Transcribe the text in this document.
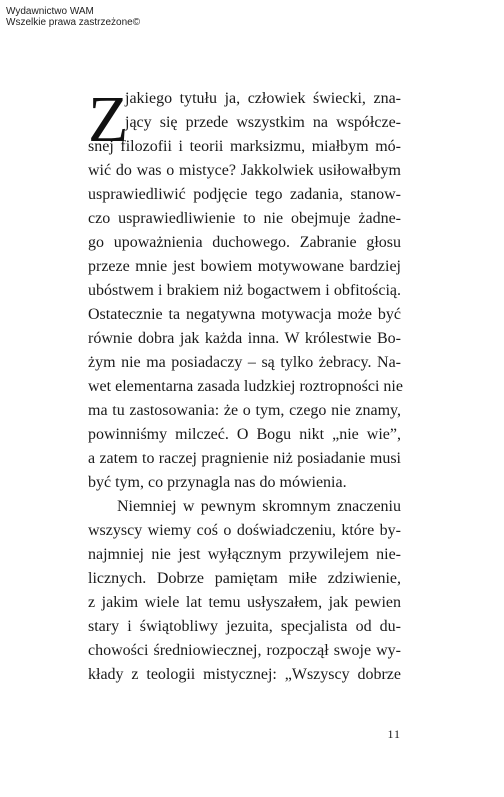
Wydawnictwo WAM
Wszelkie prawa zastrzeżone©
Z
jakiego tytułu ja, człowiek świecki, zna-
jący się przede wszystkim na współcze-
snej filozofii i teorii marksizmu, miałbym mó-
wić do was o mistyce? Jakkolwiek usiłowałbym
usprawiedliwić podjęcie tego zadania, stanow-
czo usprawiedliwienie to nie obejmuje żadne-
go upoważnienia duchowego. Zabranie głosu
przeze mnie jest bowiem motywowane bardziej
ubóstwem i brakiem niż bogactwem i obfitością.
Ostatecznie ta negatywna motywacja może być
równie dobra jak każda inna. W królestwie Bo-
żym nie ma posiadaczy – są tylko żebracy. Na-
wet elementarna zasada ludzkiej roztropności nie
ma tu zastosowania: że o tym, czego nie znamy,
powinniśmy milczeć. O Bogu nikt „nie wie”,
a zatem to raczej pragnienie niż posiadanie musi
być tym, co przynagla nas do mówienia.
Niemniej w pewnym skromnym znaczeniu
wszyscy wiemy coś o doświadczeniu, które by-
najmniej nie jest wyłącznym przywilejem nie-
licznych. Dobrze pamiętam miłe zdziwienie,
z jakim wiele lat temu usłyszałem, jak pewien
stary i świątobliwy jezuita, specjalista od du-
chowości średniowiecznej, rozpoczął swoje wy-
kłady z teologii mistycznej: „Wszyscy dobrze
11
